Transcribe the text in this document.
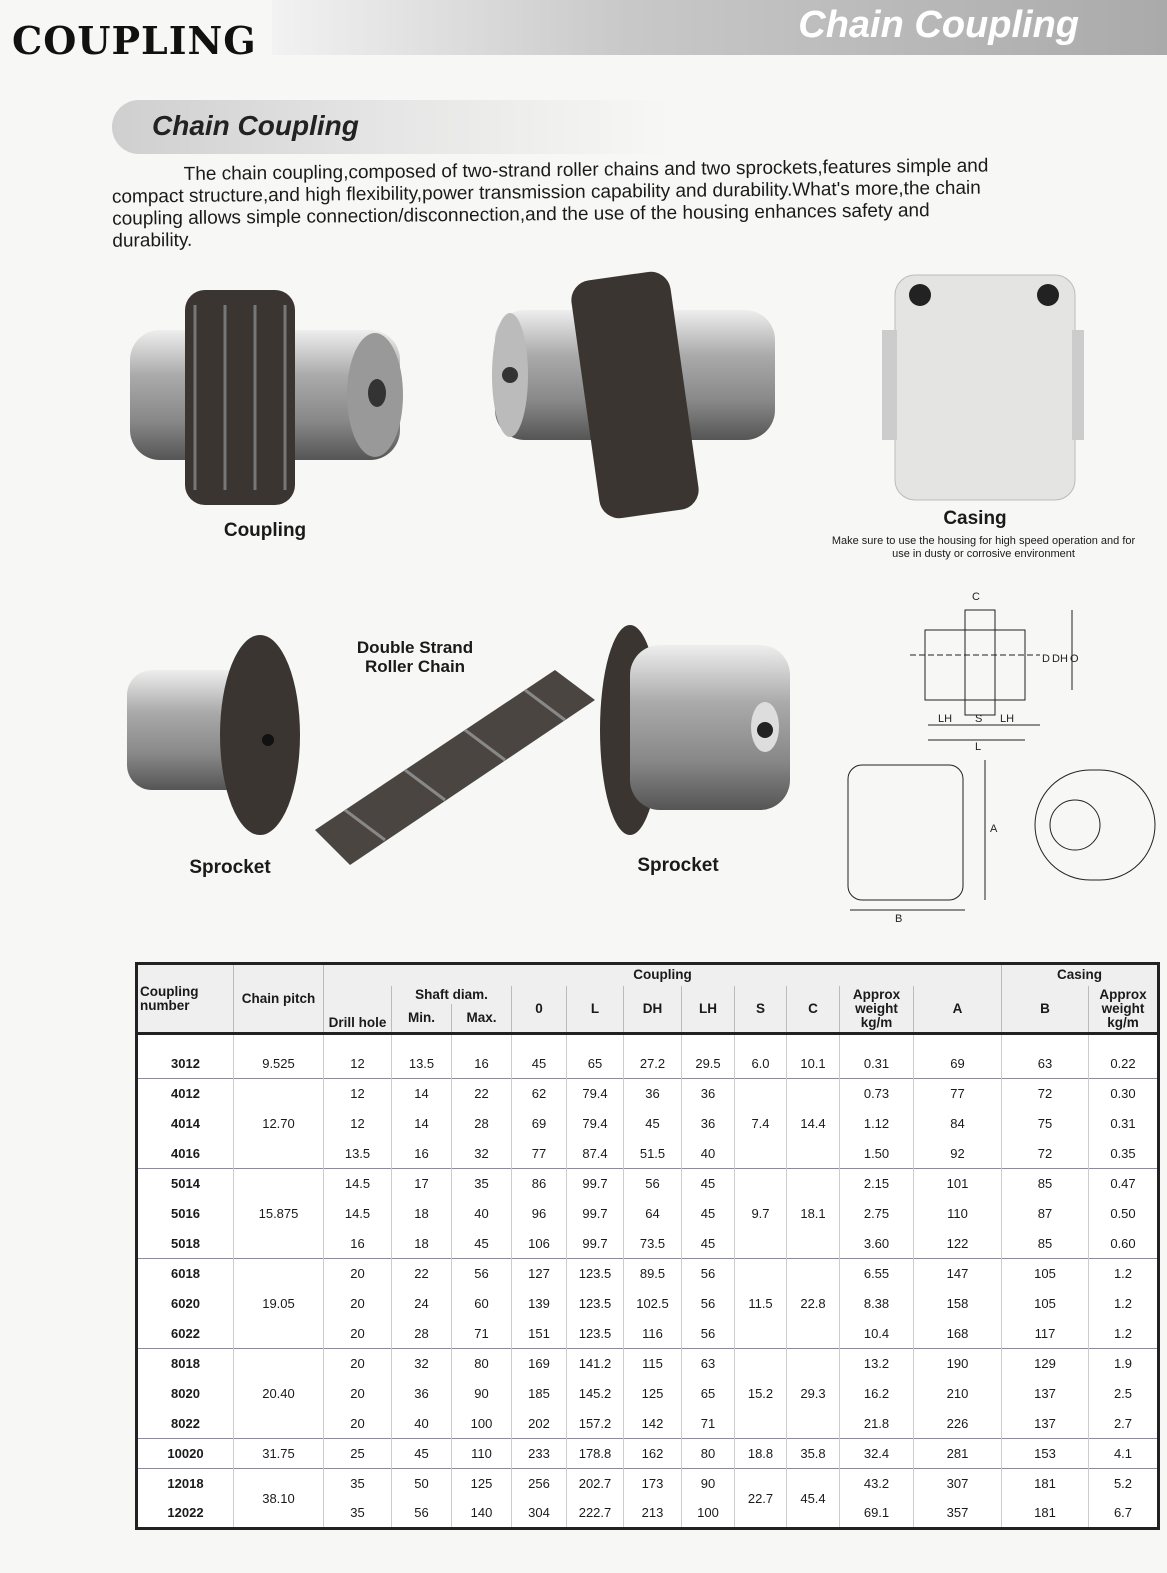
COUPLING	Chain Coupling
Chain Coupling

The chain coupling,composed of two-strand roller chains and two sprockets,features simple and compact structure,and high flexibility,power transmission capability and durability.What's more,the chain coupling allows simple connection/disconnection,and the use of the housing enhances safety and durability.

Coupling
Casing
Make sure to use the housing for high speed operation and for use in dusty or corrosive environment
Sprocket
Double Strand Roller Chain
Sprocket
C
D DH O
LH S LH
L
A
B
Coupling number	Chain pitch	Coupling											Casing	
		Drill hole	Shaft diam.		0	L	DH	LH	S	C	Approx weight kg/m	A	B	Approx weight kg/m
			Min.	Max.										
3012	9.525	12	13.5	16	45	65	27.2	29.5	6.0	10.1	0.31	69	63	0.22
4012	12.70	12	14	22	62	79.4	36	36	7.4	14.4	0.73	77	72	0.30
4014		12	14	28	69	79.4	45	36			1.12	84	75	0.31
4016		13.5	16	32	77	87.4	51.5	40			1.50	92	72	0.35
5014	15.875	14.5	17	35	86	99.7	56	45	9.7	18.1	2.15	101	85	0.47
5016		14.5	18	40	96	99.7	64	45			2.75	110	87	0.50
5018		16	18	45	106	99.7	73.5	45			3.60	122	85	0.60
6018	19.05	20	22	56	127	123.5	89.5	56	11.5	22.8	6.55	147	105	1.2
6020		20	24	60	139	123.5	102.5	56			8.38	158	105	1.2
6022		20	28	71	151	123.5	116	56			10.4	168	117	1.2
8018	20.40	20	32	80	169	141.2	115	63	15.2	29.3	13.2	190	129	1.9
8020		20	36	90	185	145.2	125	65			16.2	210	137	2.5
8022		20	40	100	202	157.2	142	71			21.8	226	137	2.7
10020	31.75	25	45	110	233	178.8	162	80	18.8	35.8	32.4	281	153	4.1
12018	38.10	35	50	125	256	202.7	173	90	22.7	45.4	43.2	307	181	5.2
12022		35	56	140	304	222.7	213	100			69.1	357	181	6.7
